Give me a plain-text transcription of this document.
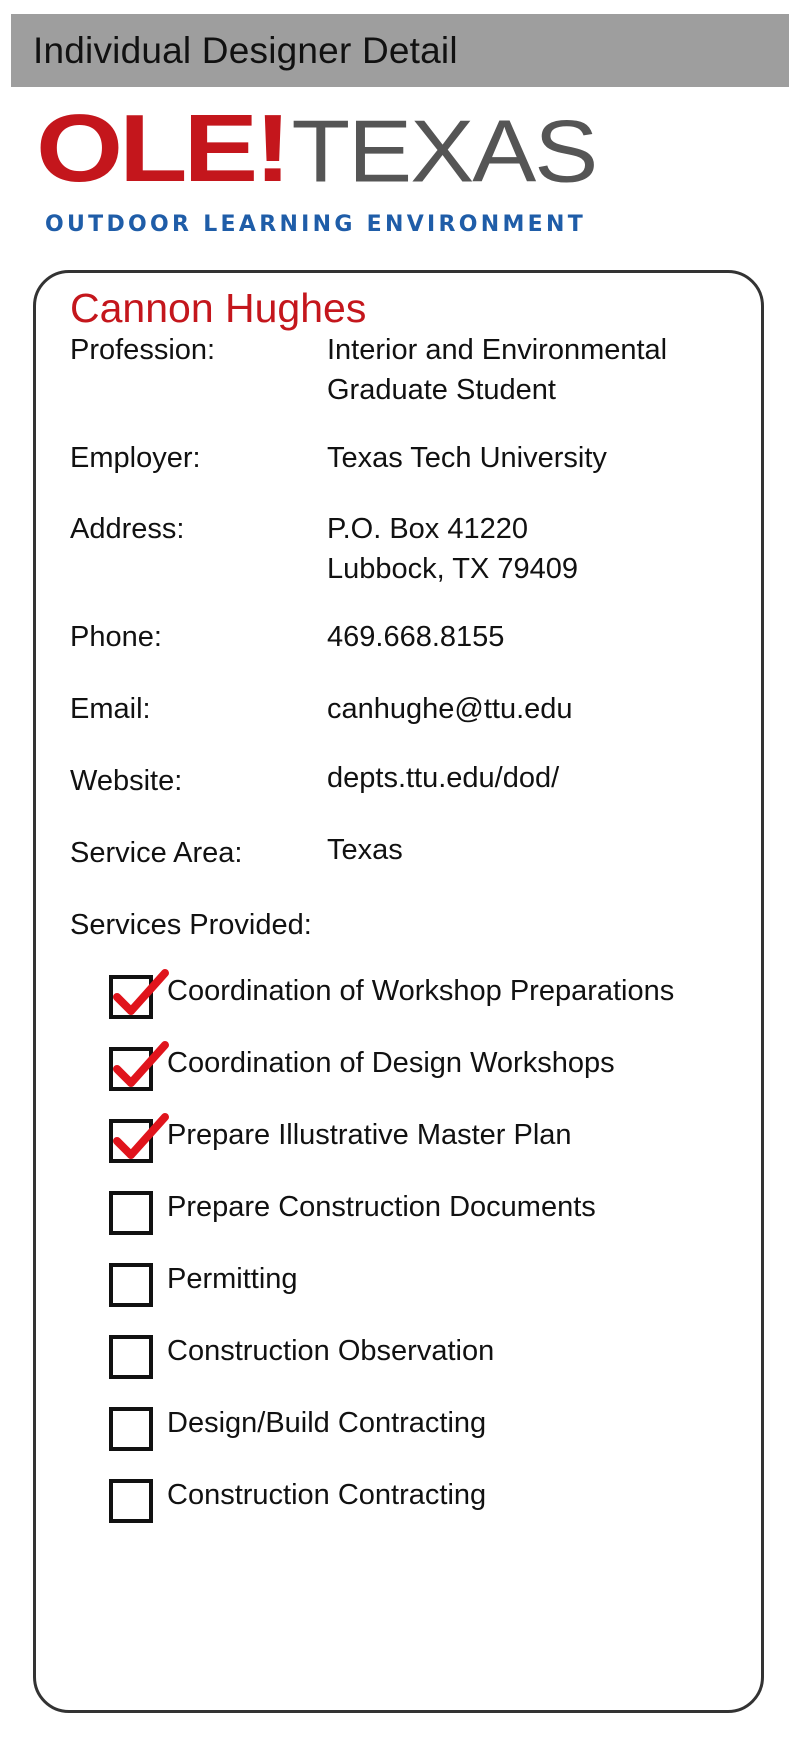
Individual Designer Detail
OLE!TEXAS
OUTDOOR LEARNING ENVIRONMENT
Cannon Hughes
Profession:	Interior and Environmental
Graduate Student
Employer:	Texas Tech University
Address:	P.O. Box 41220
Lubbock, TX 79409
Phone:	469.668.8155
Email:	canhughe@ttu.edu
Website:	depts.ttu.edu/dod/
Service Area:	Texas
Services Provided:
Coordination of Workshop Preparations
Coordination of Design Workshops
Prepare Illustrative Master Plan
Prepare Construction Documents
Permitting
Construction Observation
Design/Build Contracting
Construction Contracting
